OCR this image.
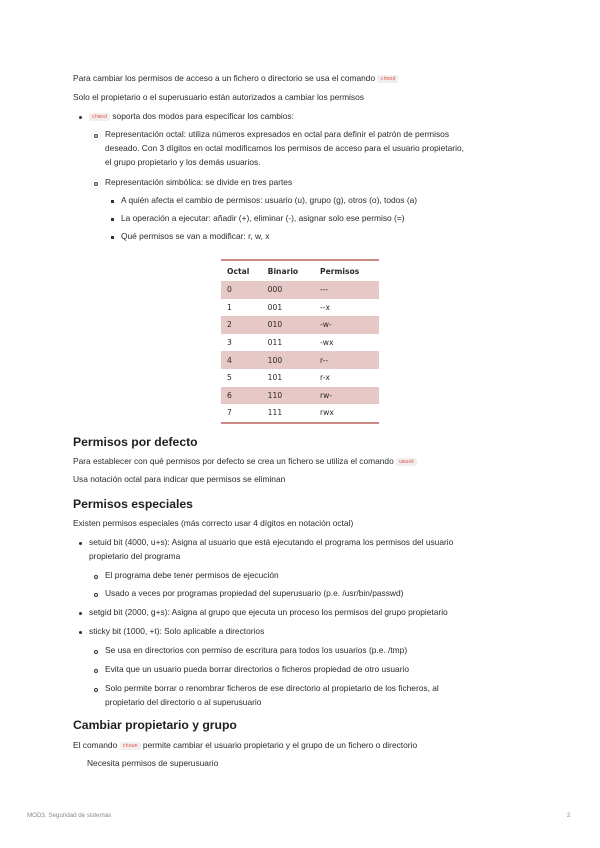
Para cambiar los permisos de acceso a un fichero o directorio se usa el comando chmod
Solo el propietario o el superusuario están autorizados a cambiar los permisos
chmod soporta dos modos para especificar los cambios:
Representación octal: utiliza números expresados en octal para definir el patrón de permisos
deseado. Con 3 dígitos en octal modificamos los permisos de acceso para el usuario propietario,
el grupo propietario y los demás usuarios.
Representación simbólica: se divide en tres partes
A quién afecta el cambio de permisos: usuario (u), grupo (g), otros (o), todos (a)
La operación a ejecutar: añadir (+), eliminar (-), asignar solo ese permiso (=)
Qué permisos se van a modificar: r, w, x
Octal	Binario	Permisos
0	000	---
1	001	--x
2	010	-w-
3	011	-wx
4	100	r--
5	101	r-x
6	110	rw-
7	111	rwx
Permisos por defecto
Para establecer con qué permisos por defecto se crea un fichero se utiliza el comando umask
Usa notación octal para indicar que permisos se eliminan
Permisos especiales
Existen permisos especiales (más correcto usar 4 dígitos en notación octal)
setuid bit (4000, u+s): Asigna al usuario que está ejecutando el programa los permisos del usuario
propietario del programa
El programa debe tener permisos de ejecución
Usado a veces por programas propiedad del superusuario (p.e. /usr/bin/passwd)
setgid bit (2000, g+s): Asigna al grupo que ejecuta un proceso los permisos del grupo propietario
sticky bit (1000, +t): Solo aplicable a directorios
Se usa en directorios con permiso de escritura para todos los usuarios (p.e. /tmp)
Evita que un usuario pueda borrar directorios o ficheros propiedad de otro usuario
Solo permite borrar o renombrar ficheros de ese directorio al propietario de los ficheros, al
propietario del directorio o al superusuario
Cambiar propietario y grupo
El comando chown permite cambiar el usuario propietario y el grupo de un fichero o directorio
Necesita permisos de superusuario
MOD3. Seguridad de sistemas	2
